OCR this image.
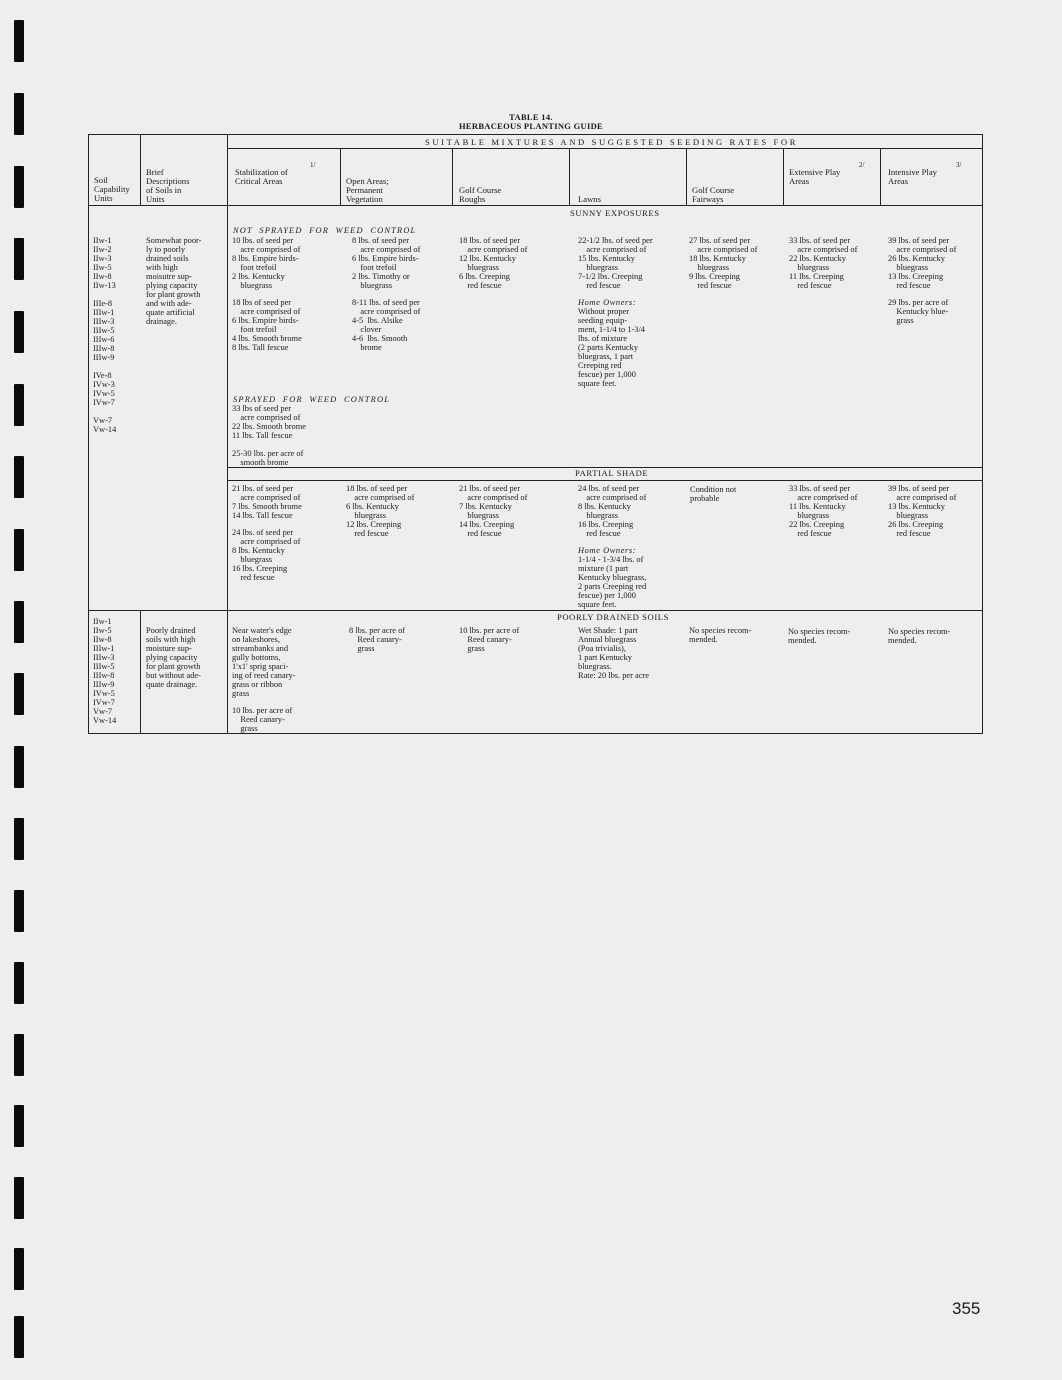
TABLE 14.
HERBACEOUS PLANTING GUIDE
SUITABLE MIXTURES AND SUGGESTED SEEDING RATES FOR
Soil
Capability
Units
Brief
Descriptions
of Soils in
Units
Stabilization of
Critical Areas
1/
Open Areas;
Permanent
Vegetation
Golf Course
Roughs	Lawns
Golf Course
Fairways
Extensive Play
Areas
2/
Intensive Play
Areas
3/
SUNNY EXPOSURES
PARTIAL SHADE
POORLY DRAINED SOILS
IIw-1
IIw-2
IIw-3
IIw-5
IIw-8
IIw-13

IIIe-8
IIIw-1
IIIw-3
IIIw-5
IIIw-6
IIIw-8
IIIw-9

IVe-8
IVw-3
IVw-5
IVw-7

Vw-7
Vw-14
Somewhat poor-
ly to poorly
drained soils
with high
moisutre sup-
plying capacity
for plant growth
and with ade-
quate artificial
drainage.
NOT  SPRAYED  FOR  WEED  CONTROL
10 lbs. of seed per
acre comprised of
8 lbs. Empire birds-
foot trefoil
2 lbs. Kentucky
bluegrass
18 lbs of seed per
acre comprised of
6 lbs. Empire birds-
foot trefoil
4 lbs. Smooth brome
8 lbs. Tall fescue
SPRAYED  FOR  WEED  CONTROL
33 lbs of seed per
acre comprised of
22 lbs. Smooth brome
11 lbs. Tall fescue
25-30 lbs. per acre of
smooth brome
8 lbs. of seed per
acre comprised of
6 lbs. Empire birds-
foot trefoil
2 lbs. Timothy or
bluegrass
8-11 lbs. of seed per
acre comprised of
4-5  lbs. Alsike
clover
4-6  lbs. Smooth
brome
18 lbs. of seed per
acre comprised of
12 lbs. Kentucky
bluegrass
6 lbs. Creeping
red fescue
22-1/2 lbs. of seed per
acre comprised of
15 lbs. Kentucky
bluegrass
7-1/2 lbs. Creeping
red fescue
Home Owners:
Without proper
seeding equip-
ment, 1-1/4 to 1-3/4
lbs. of mixture
(2 parts Kentucky
bluegrass, 1 part
Creeping red
fescue) per 1,000
square feet.
27 lbs. of seed per
acre comprised of
18 lbs. Kentucky
bluegrass
9 lbs. Creeping
red fescue
33 lbs. of seed per
acre comprised of
22 lbs. Kentucky
bluegrass
11 lbs. Creeping
red fescue
39 lbs. of seed per
acre comprised of
26 lbs. Kentucky
bluegrass
13 lbs. Creeping
red fescue
29 lbs. per acre of
Kentucky blue-
grass
21 lbs. of seed per
acre comprised of
7 lbs. Smooth brome
14 lbs. Tall fescue
24 lbs. of seed per
acre comprised of
8 lbs. Kentucky
bluegrass
16 lbs. Creeping
red fescue
18 lbs. of seed per
acre comprised of
6 lbs. Kentucky
bluegrass
12 lbs. Creeping
red fescue
21 lbs. of seed per
acre comprised of
7 lbs. Kentucky
bluegrass
14 lbs. Creeping
red fescue
24 lbs. of seed per
acre comprised of
8 lbs. Kentucky
bluegrass
16 lbs. Creeping
red fescue
Home Owners:
1-1/4 - 1-3/4 lbs. of
mixture (1 part
Kentucky bluegrass,
2 parts Creeping red
fescue) per 1,000
square feet.
Condition not
probable
33 lbs. of seed per
acre comprised of
11 lbs. Kentucky
bluegrass
22 lbs. Creeping
red fescue
39 lbs. of seed per
acre comprised of
13 lbs. Kentucky
bluegrass
26 lbs. Creeping
red fescue
IIw-1
IIw-5
IIw-8
IIIw-1
IIIw-3
IIIw-5
IIIw-8
IIIw-9
IVw-5
IVw-7
Vw-7
Vw-14
Poorly drained
soils with high
moisture sup-
plying capacity
for plant growth
but without ade-
quate drainage.
Near water's edge
on lakeshores,
streambanks and
gully bottoms,
1'x1' sprig spaci-
ing of reed canary-
grass or ribbon
grass
10 lbs. per acre of
Reed canary-
grass
8 lbs. per acre of
Reed canary-
grass
10 lbs. per acre of
Reed canary-
grass
Wet Shade: 1 part
Annual bluegrass
(Poa trivialis),
1 part Kentucky
bluegrass.
Rate: 20 lbs. per acre
No species recom-
mended.
No species recom-
mended.
No species recom-
mended.
355
